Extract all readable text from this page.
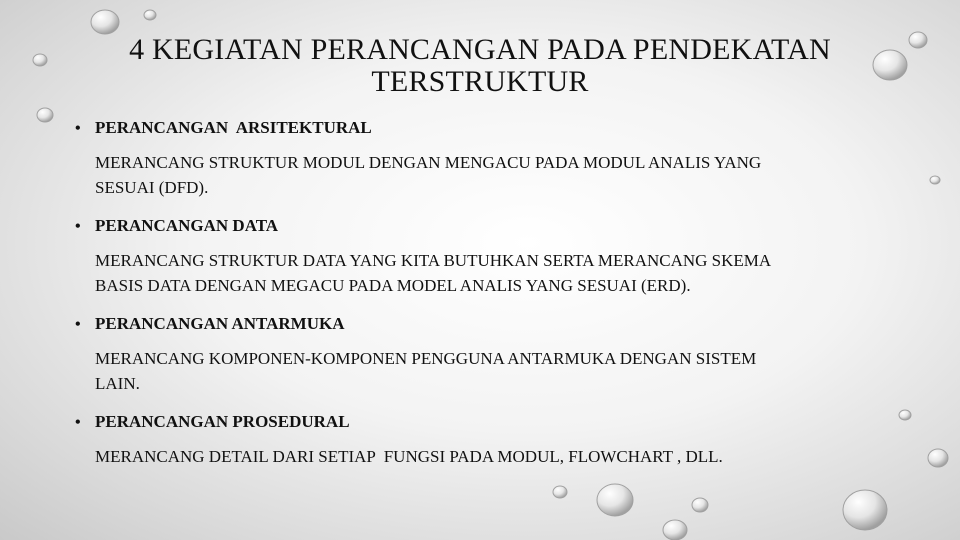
4 KEGIATAN PERANCANGAN PADA PENDEKATAN
TERSTRUKTUR
• PERANCANGAN  ARSITEKTURAL
MERANCANG STRUKTUR MODUL DENGAN MENGACU PADA MODUL ANALIS YANG
SESUAI (DFD).
• PERANCANGAN DATA
MERANCANG STRUKTUR DATA YANG KITA BUTUHKAN SERTA MERANCANG SKEMA
BASIS DATA DENGAN MEGACU PADA MODEL ANALIS YANG SESUAI (ERD).
• PERANCANGAN ANTARMUKA
MERANCANG KOMPONEN-KOMPONEN PENGGUNA ANTARMUKA DENGAN SISTEM
LAIN.
• PERANCANGAN PROSEDURAL
MERANCANG DETAIL DARI SETIAP  FUNGSI PADA MODUL, FLOWCHART , DLL.
